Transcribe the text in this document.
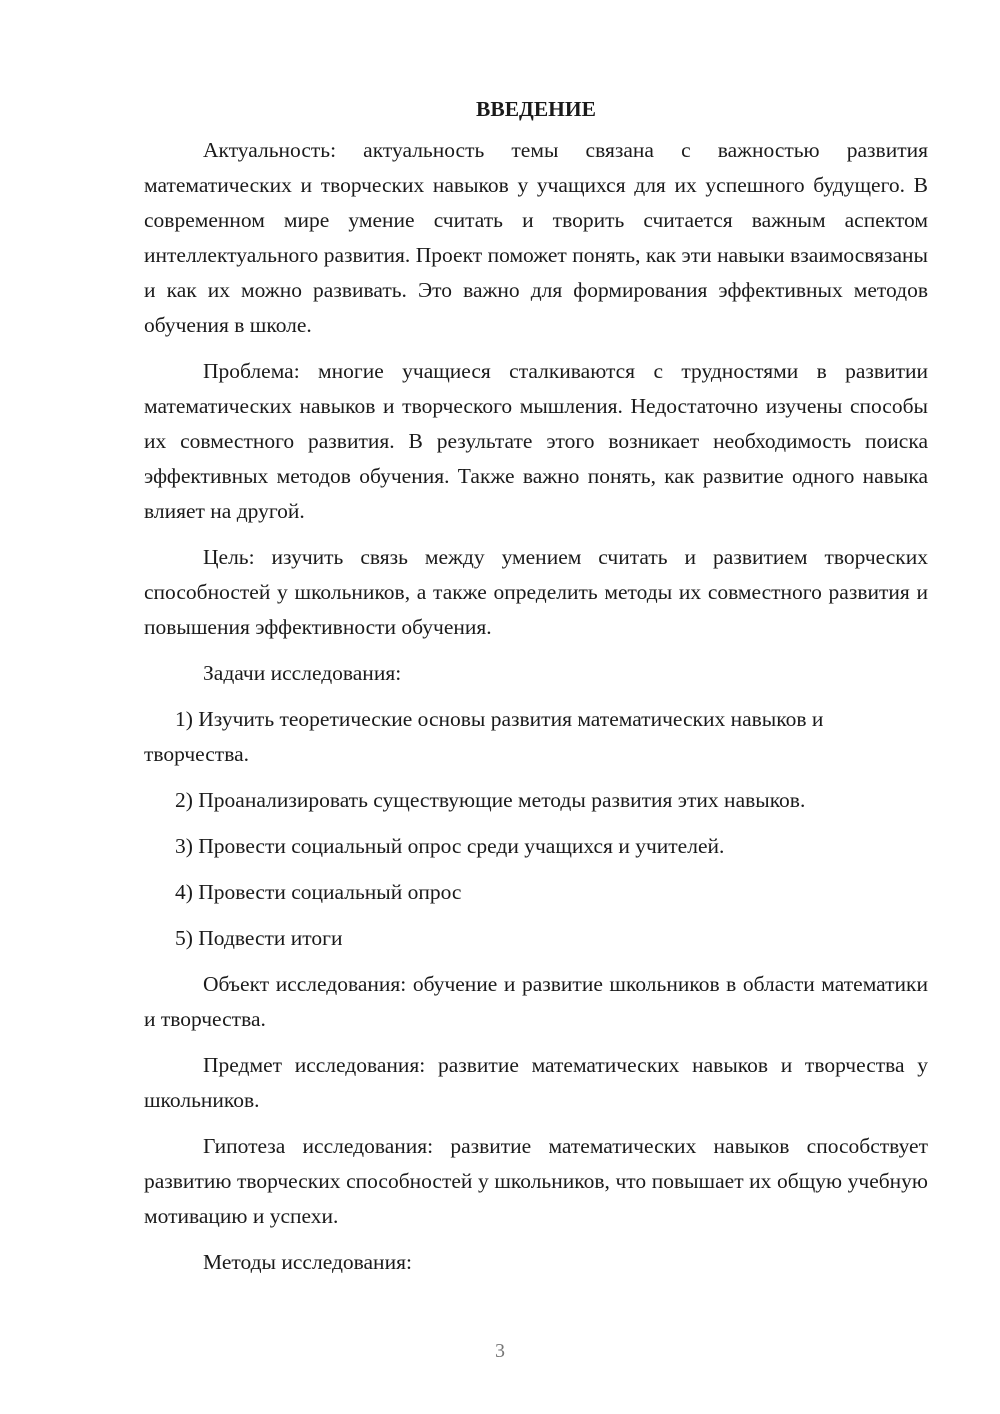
ВВЕДЕНИЕ

Актуальность: актуальность темы связана с важностью развития математических и творческих навыков у учащихся для их успешного будущего. В современном мире умение считать и творить считается важным аспектом интеллектуального развития. Проект поможет понять, как эти навыки взаимосвязаны и как их можно развивать. Это важно для формирования эффективных методов обучения в школе.

Проблема: многие учащиеся сталкиваются с трудностями в развитии математических навыков и творческого мышления. Недостаточно изучены способы их совместного развития. В результате этого возникает необходимость поиска эффективных методов обучения. Также важно понять, как развитие одного навыка влияет на другой.

Цель: изучить связь между умением считать и развитием творческих способностей у школьников, а также определить методы их совместного развития и повышения эффективности обучения.

Задачи исследования:

1) Изучить теоретические основы развития математических навыков и творчества.

2) Проанализировать существующие методы развития этих навыков.

3) Провести социальный опрос среди учащихся и учителей.

4) Провести социальный опрос

5) Подвести итоги

Объект исследования: обучение и развитие школьников в области математики и творчества.

Предмет исследования: развитие математических навыков и творчества у школьников.

Гипотеза исследования: развитие математических навыков способствует развитию творческих способностей у школьников, что повышает их общую учебную мотивацию и успехи.

Методы исследования:

3
